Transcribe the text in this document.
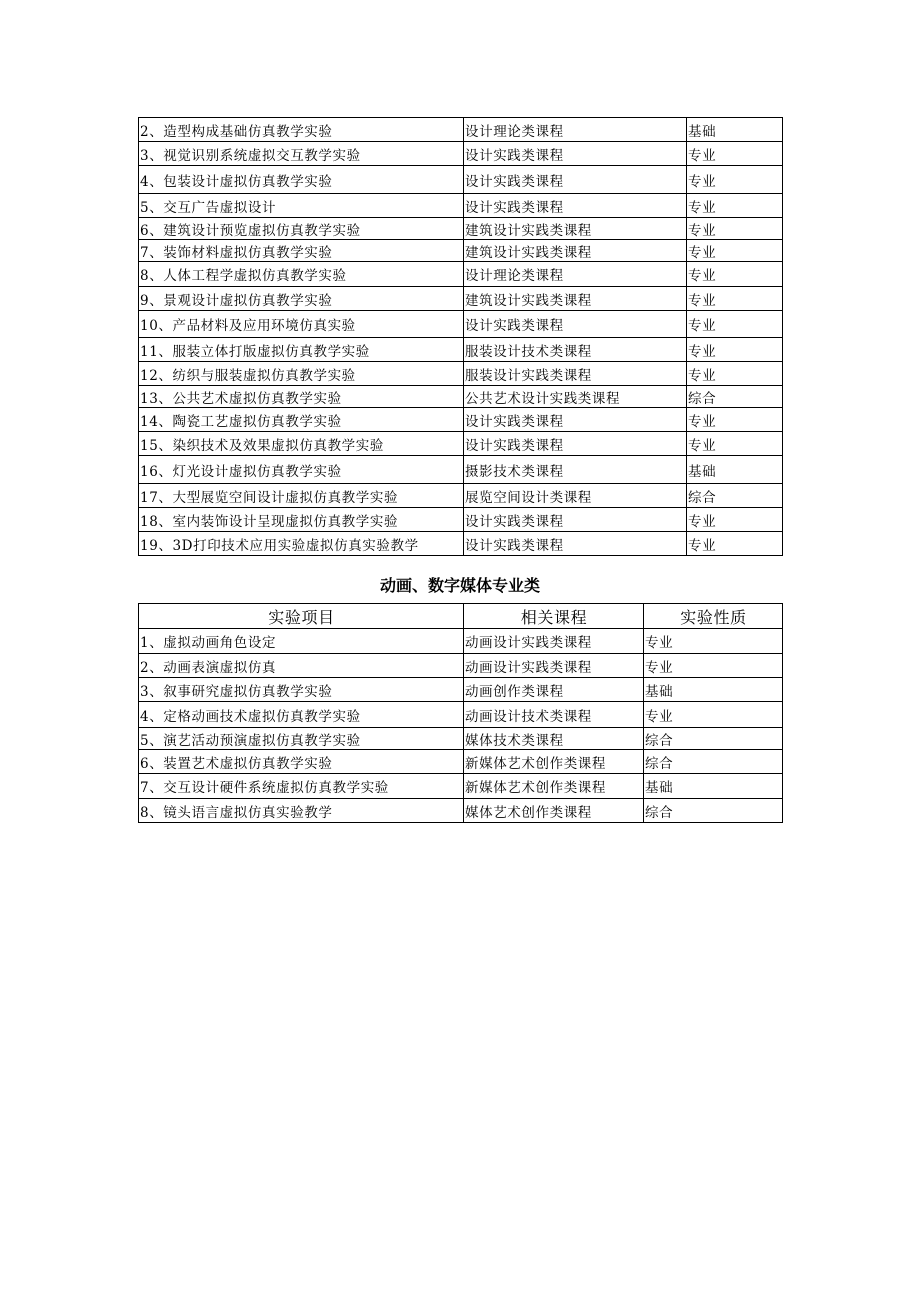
2、造型构成基础仿真教学实验	设计理论类课程	基础
3、视觉识别系统虚拟交互教学实验	设计实践类课程	专业
4、包装设计虚拟仿真教学实验	设计实践类课程	专业
5、交互广告虚拟设计	设计实践类课程	专业
6、建筑设计预览虚拟仿真教学实验	建筑设计实践类课程	专业
7、装饰材料虚拟仿真教学实验	建筑设计实践类课程	专业
8、人体工程学虚拟仿真教学实验	设计理论类课程	专业
9、景观设计虚拟仿真教学实验	建筑设计实践类课程	专业
10、产品材料及应用环境仿真实验	设计实践类课程	专业
11、服装立体打版虚拟仿真教学实验	服装设计技术类课程	专业
12、纺织与服装虚拟仿真教学实验	服装设计实践类课程	专业
13、公共艺术虚拟仿真教学实验	公共艺术设计实践类课程	综合
14、陶瓷工艺虚拟仿真教学实验	设计实践类课程	专业
15、染织技术及效果虚拟仿真教学实验	设计实践类课程	专业
16、灯光设计虚拟仿真教学实验	摄影技术类课程	基础
17、大型展览空间设计虚拟仿真教学实验	展览空间设计类课程	综合
18、室内装饰设计呈现虚拟仿真教学实验	设计实践类课程	专业
19、3D打印技术应用实验虚拟仿真实验教学	设计实践类课程	专业
动画、数字媒体专业类
实验项目	相关课程	实验性质
1、虚拟动画角色设定	动画设计实践类课程	专业
2、动画表演虚拟仿真	动画设计实践类课程	专业
3、叙事研究虚拟仿真教学实验	动画创作类课程	基础
4、定格动画技术虚拟仿真教学实验	动画设计技术类课程	专业
5、演艺活动预演虚拟仿真教学实验	媒体技术类课程	综合
6、装置艺术虚拟仿真教学实验	新媒体艺术创作类课程	综合
7、交互设计硬件系统虚拟仿真教学实验	新媒体艺术创作类课程	基础
8、镜头语言虚拟仿真实验教学	媒体艺术创作类课程	综合
